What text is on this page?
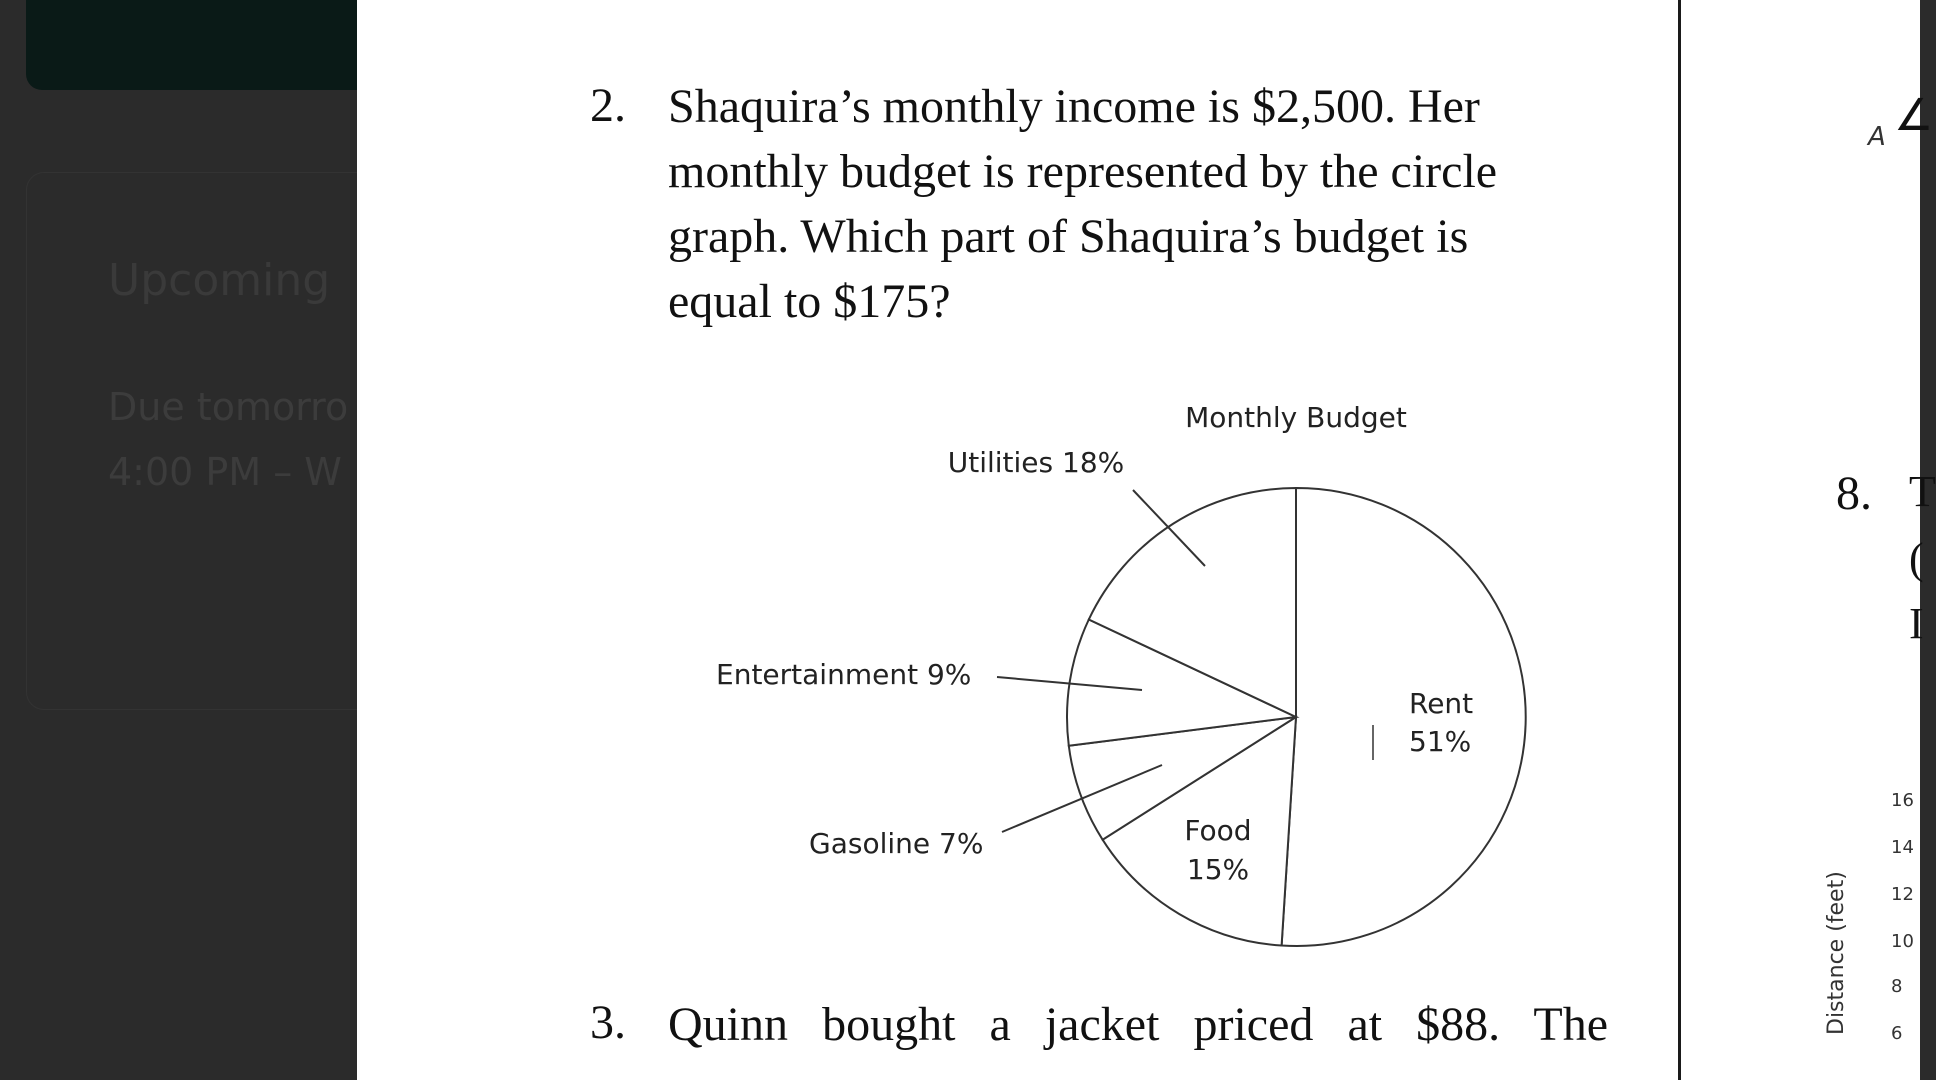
Upcoming
Due tomorro
4:00 PM – W
2. Shaquira’s monthly income is $2,500. Her
monthly budget is represented by the circle
graph. Which part of Shaquira’s budget is
equal to $175?
Monthly Budget
Rent
51%
Food
15%
Gasoline 7%
Entertainment 9%
Utilities 18%
3. Quinn bought a jacket priced at $88. The
A ∠
8. T
(
I
Distance (feet)
16
14
12
10
8
6
